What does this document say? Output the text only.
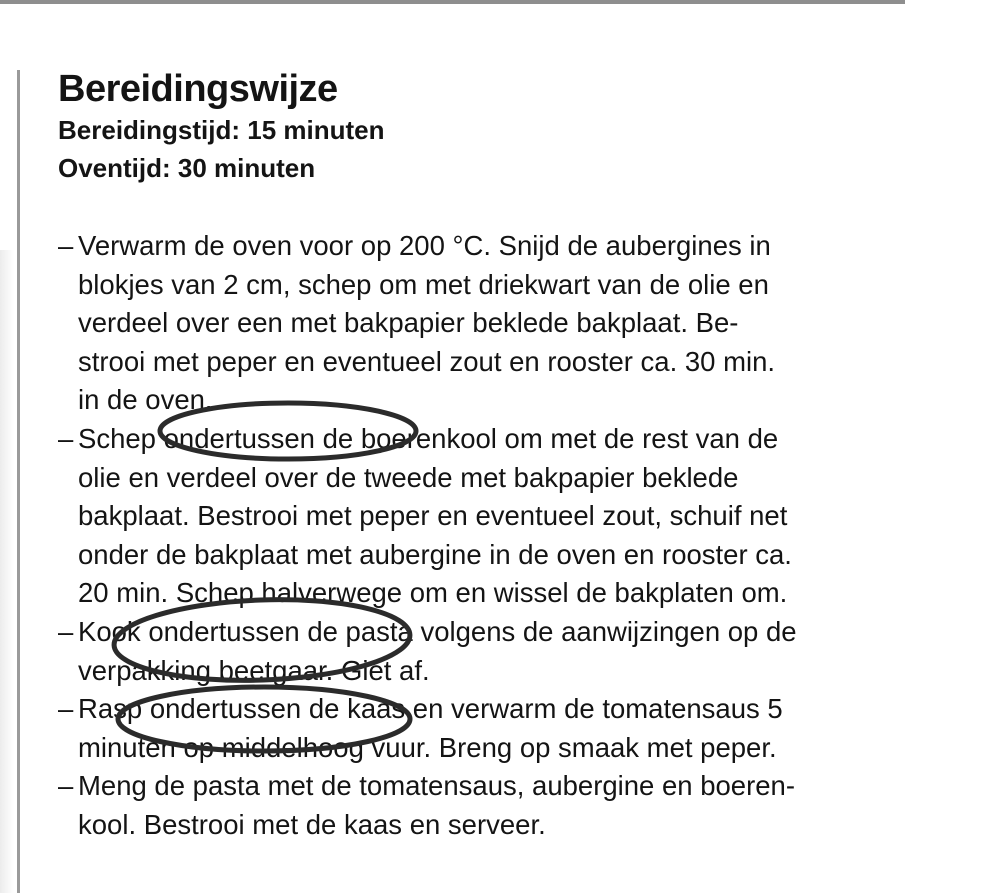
Bereidingswijze
Bereidingstijd: 15 minuten
Oventijd: 30 minuten
– Verwarm de oven voor op 200 °C. Snijd de aubergines in
blokjes van 2 cm, schep om met driekwart van de olie en
verdeel over een met bakpapier beklede bakplaat. Be-
strooi met peper en eventueel zout en rooster ca. 30 min.
in de oven.
– Schep ondertussen de boerenkool om met de rest van de
olie en verdeel over de tweede met bakpapier beklede
bakplaat. Bestrooi met peper en eventueel zout, schuif net
onder de bakplaat met aubergine in de oven en rooster ca.
20 min. Schep halverwege om en wissel de bakplaten om.
– Kook ondertussen de pasta volgens de aanwijzingen op de
verpakking beetgaar. Giet af.
– Rasp ondertussen de kaas en verwarm de tomatensaus 5
minuten op middelhoog vuur. Breng op smaak met peper.
– Meng de pasta met de tomatensaus, aubergine en boeren-
kool. Bestrooi met de kaas en serveer.
